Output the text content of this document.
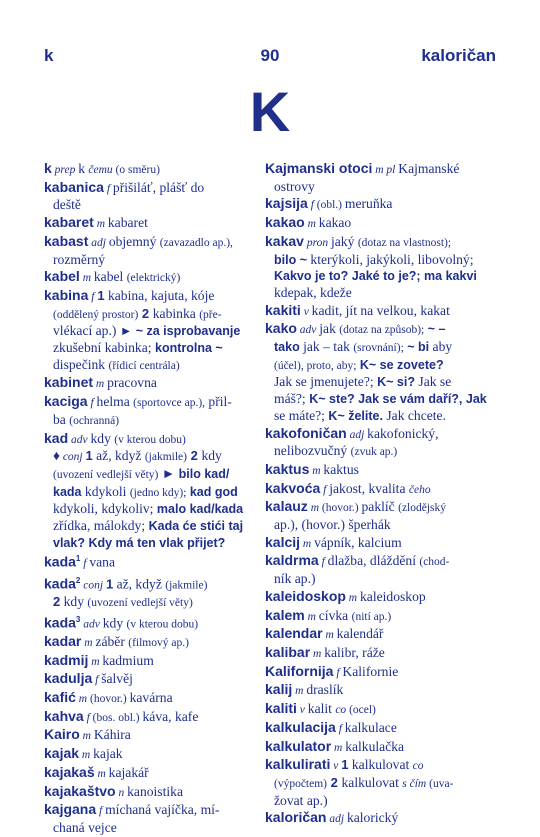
k	90	kaloričan
K
k prep k čemu (o směru)
kabanica f přišiláť, plášť do
deště
kabaret m kabaret
kabast adj objemný (zavazadlo ap.),
rozměrný
kabel m kabel (elektrický)
kabina f 1 kabina, kajuta, kóje
(oddělený prostor) 2 kabinka (pře-
vlékací ap.) ► ~ za isprobavanje
zkušební kabinka; kontrolna ~
dispečink (řídicí centrála)
kabinet m pracovna
kaciga f helma (sportovce ap.), přil-
ba (ochranná)
kad adv kdy (v kterou dobu)
♦ conj 1 až, když (jakmile) 2 kdy
(uvození vedlejší věty) ► bilo kad/
kada kdykoli (jedno kdy); kad god
kdykoli, kdykoliv; malo kad/kada
zřídka, málokdy; Kada će stići taj
vlak? Kdy má ten vlak přijet?
kada$^1$ f vana
kada$^2$ conj 1 až, když (jakmile)
2 kdy (uvození vedlejší věty)
kada$^3$ adv kdy (v kterou dobu)
kadar m záběr (filmový ap.)
kadmij m kadmium
kadulja f šalvěj
kafić m (hovor.) kavárna
kahva f (bos. obl.) káva, kafe
Kairo m Káhira
kajak m kajak
kajakaš m kajakář
kajakaštvo n kanoistika
kajgana f míchaná vajíčka, mí-
chaná vejce
Kajmanski otoci m pl Kajmanské
ostrovy
kajsija f (obl.) meruňka
kakao m kakao
kakav pron jaký (dotaz na vlastnost);
bilo ~ kterýkoli, jakýkoli, libovolný;
Kakvo je to? Jaké to je?; ma kakvi
kdepak, kdeže
kakiti v kadit, jít na velkou, kakat
kako adv jak (dotaz na způsob); ~ –
tako jak – tak (srovnání); ~ bi aby
(účel), proto, aby; K~ se zovete?
Jak se jmenujete?; K~ si? Jak se
máš?; K~ ste? Jak se vám daří?, Jak
se máte?; K~ želite. Jak chcete.
kakofoničan adj kakofonický,
nelibozvučný (zvuk ap.)
kaktus m kaktus
kakvoća f jakost, kvalita čeho
kalauz m (hovor.) paklíč (zlodějský
ap.), (hovor.) šperhák
kalcij m vápník, kalcium
kaldrma f dlažba, dláždění (chod-
ník ap.)
kaleidoskop m kaleidoskop
kalem m cívka (nití ap.)
kalendar m kalendář
kalibar m kalibr, ráže
Kalifornija f Kalifornie
kalij m draslík
kaliti v kalit co (ocel)
kalkulacija f kalkulace
kalkulator m kalkulačka
kalkulirati v 1 kalkulovat co
(výpočtem) 2 kalkulovat s čím (uva-
žovat ap.)
kaloričan adj kalorický
